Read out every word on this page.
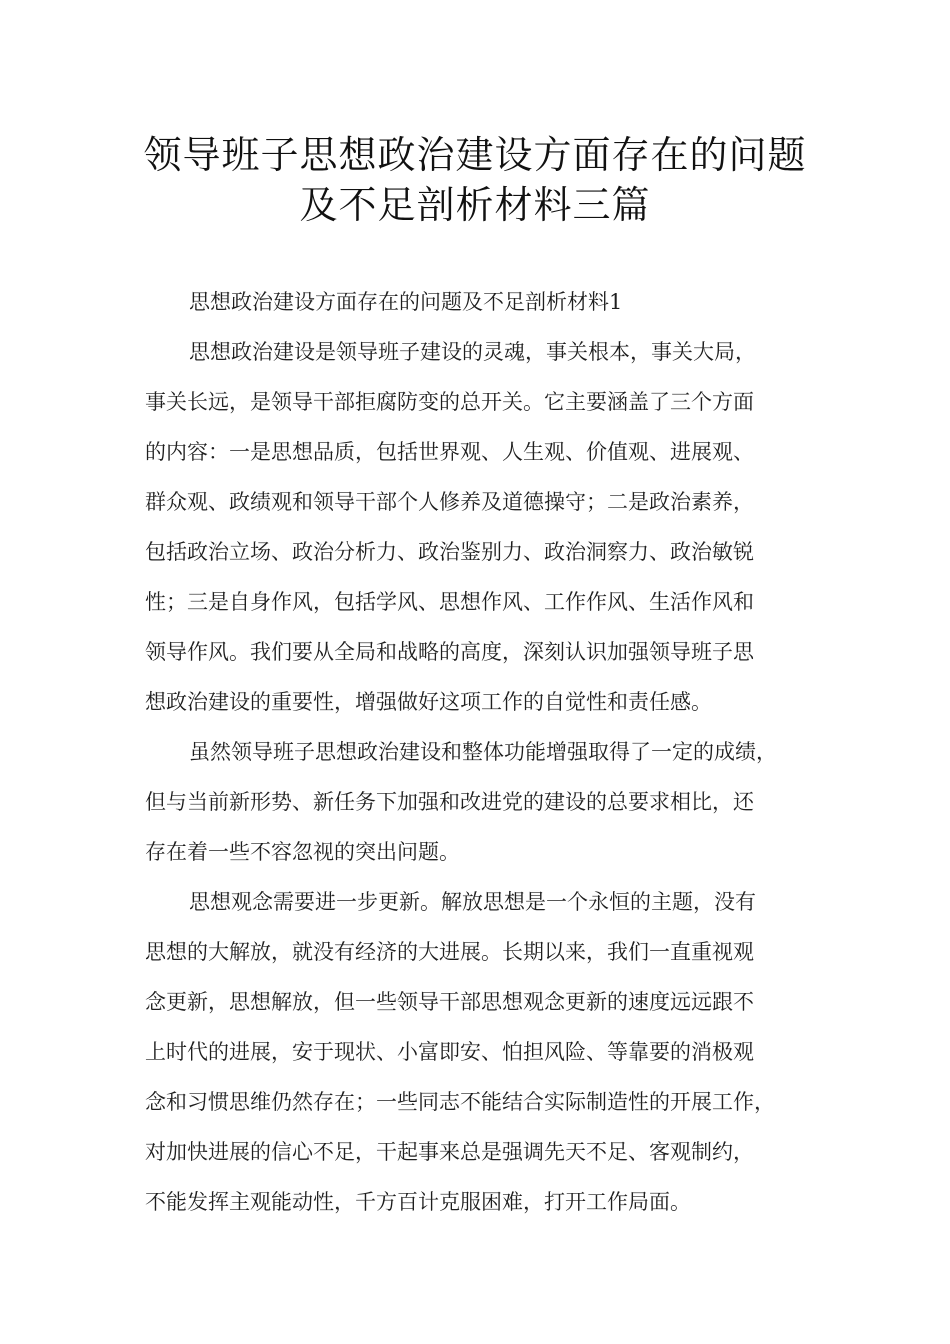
领导班子思想政治建设方面存在的问题
及不足剖析材料三篇

思想政治建设方面存在的问题及不足剖析材料1

思想政治建设是领导班子建设的灵魂，事关根本，事关大局，
事关长远，是领导干部拒腐防变的总开关。它主要涵盖了三个方面
的内容：一是思想品质，包括世界观、人生观、价值观、进展观、
群众观、政绩观和领导干部个人修养及道德操守；二是政治素养，
包括政治立场、政治分析力、政治鉴别力、政治洞察力、政治敏锐
性；三是自身作风，包括学风、思想作风、工作作风、生活作风和
领导作风。我们要从全局和战略的高度，深刻认识加强领导班子思
想政治建设的重要性，增强做好这项工作的自觉性和责任感。

虽然领导班子思想政治建设和整体功能增强取得了一定的成绩，
但与当前新形势、新任务下加强和改进党的建设的总要求相比，还
存在着一些不容忽视的突出问题。

思想观念需要进一步更新。解放思想是一个永恒的主题，没有
思想的大解放，就没有经济的大进展。长期以来，我们一直重视观
念更新，思想解放，但一些领导干部思想观念更新的速度远远跟不
上时代的进展，安于现状、小富即安、怕担风险、等靠要的消极观
念和习惯思维仍然存在；一些同志不能结合实际制造性的开展工作，
对加快进展的信心不足，干起事来总是强调先天不足、客观制约，
不能发挥主观能动性，千方百计克服困难，打开工作局面。
